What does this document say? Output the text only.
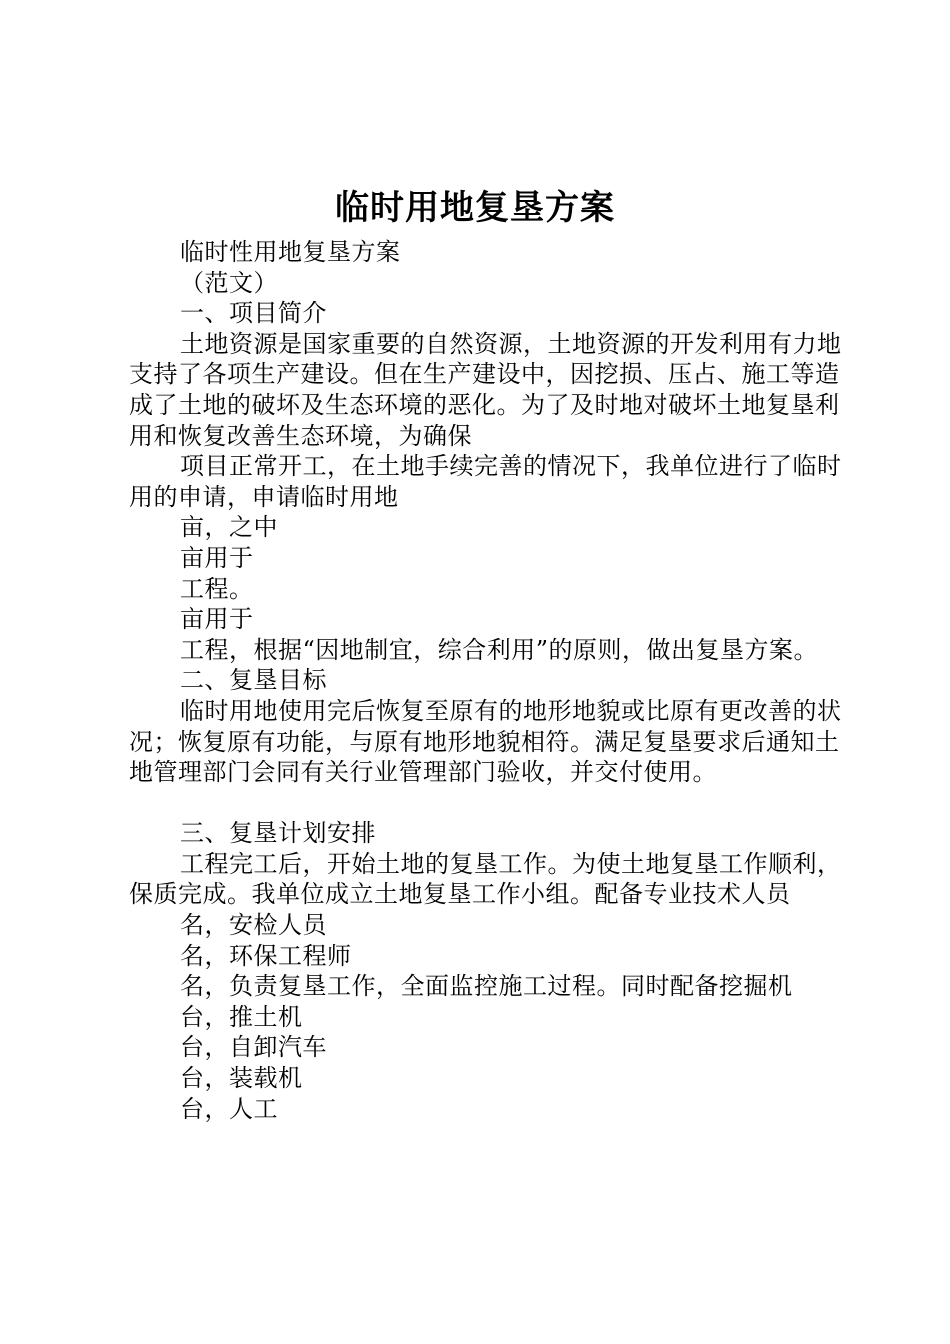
临时用地复垦方案

临时性用地复垦方案

（范文）

一、项目简介

土地资源是国家重要的自然资源，土地资源的开发利用有力地支持了各项生产建设。但在生产建设中，因挖损、压占、施工等造成了土地的破坏及生态环境的恶化。为了及时地对破坏土地复垦利用和恢复改善生态环境，为确保

项目正常开工，在土地手续完善的情况下，我单位进行了临时用的申请，申请临时用地

亩，之中

亩用于

工程。

亩用于

工程，根据“因地制宜，综合利用”的原则，做出复垦方案。

二、复垦目标

临时用地使用完后恢复至原有的地形地貌或比原有更改善的状况；恢复原有功能，与原有地形地貌相符。满足复垦要求后通知土地管理部门会同有关行业管理部门验收，并交付使用。

三、复垦计划安排

工程完工后，开始土地的复垦工作。为使土地复垦工作顺利，保质完成。我单位成立土地复垦工作小组。配备专业技术人员

名，安检人员

名，环保工程师

名，负责复垦工作，全面监控施工过程。同时配备挖掘机

台，推土机

台，自卸汽车

台，装载机

台，人工
